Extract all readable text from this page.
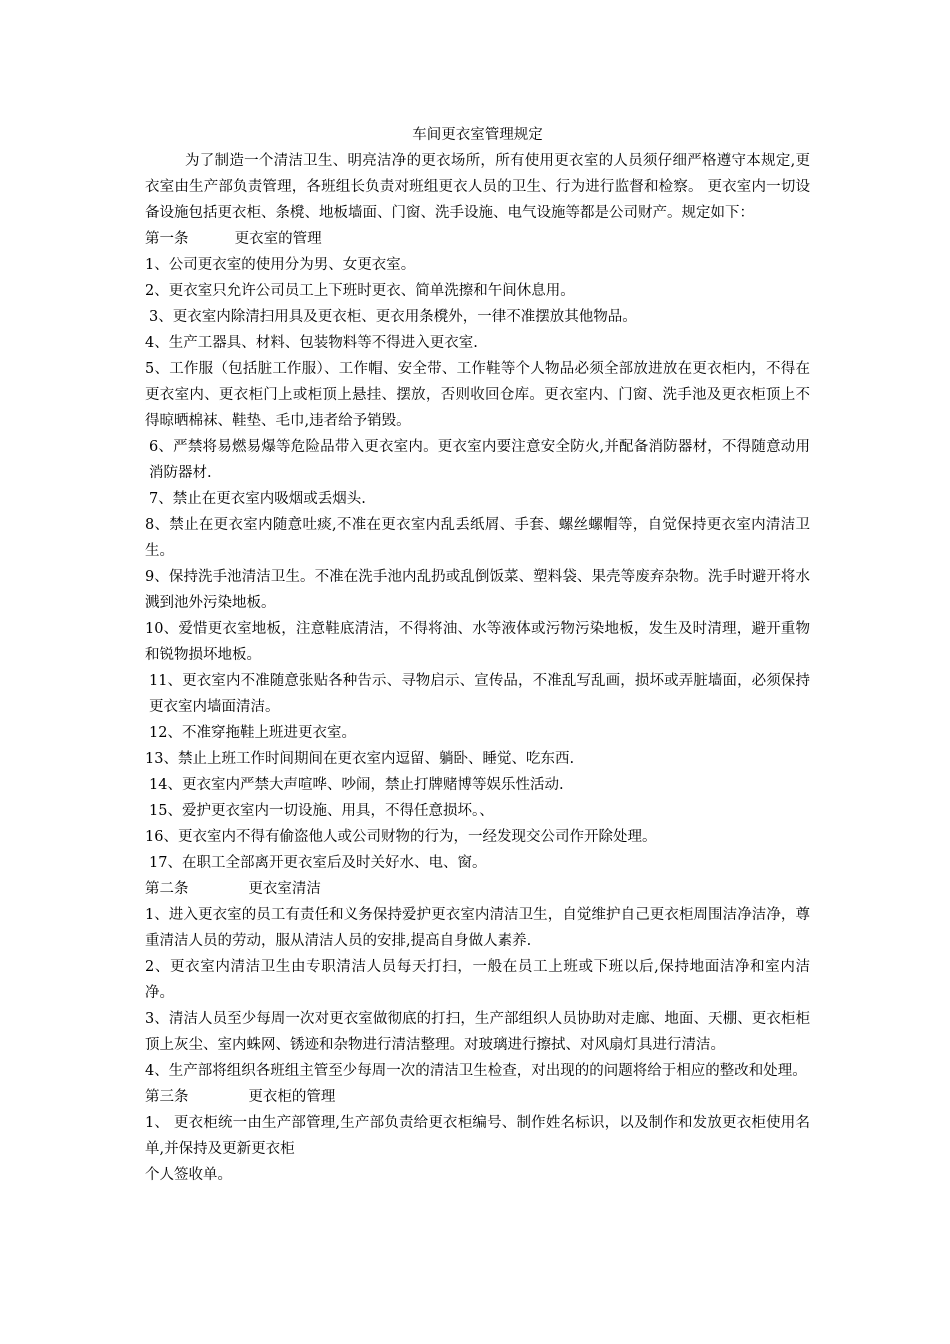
车间更衣室管理规定

为了制造一个清洁卫生、明亮洁净的更衣场所，所有使用更衣室的人员须仔细严格遵守本规定,更衣室由生产部负责管理，各班组长负责对班组更衣人员的卫生、行为进行监督和检察。 更衣室内一切设备设施包括更衣柜、条櫈、地板墙面、门窗、洗手设施、电气设施等都是公司财产。规定如下：

第一条          更衣室的管理

1、公司更衣室的使用分为男、女更衣室。

2、更衣室只允许公司员工上下班时更衣、简单洗擦和午间休息用。

3、更衣室内除清扫用具及更衣柜、更衣用条櫈外，一律不准摆放其他物品。

4、生产工器具、材料、包装物料等不得进入更衣室.

5、工作服（包括脏工作服）、工作帽、安全带、工作鞋等个人物品必须全部放进放在更衣柜内，不得在更衣室内、更衣柜门上或柜顶上悬挂、摆放，否则收回仓库。更衣室内、门窗、洗手池及更衣柜顶上不得晾晒棉袜、鞋垫、毛巾,违者给予销毁。

6、严禁将易燃易爆等危险品带入更衣室内。更衣室内要注意安全防火,并配备消防器材，不得随意动用消防器材.

7、禁止在更衣室内吸烟或丢烟头.

8、禁止在更衣室内随意吐痰,不准在更衣室内乱丢纸屑、手套、螺丝螺帽等，自觉保持更衣室内清洁卫生。

9、保持洗手池清洁卫生。不准在洗手池内乱扔或乱倒饭菜、塑料袋、果壳等废弃杂物。洗手时避开将水溅到池外污染地板。

10、爱惜更衣室地板，注意鞋底清洁，不得将油、水等液体或污物污染地板，发生及时清理，避开重物和锐物损坏地板。

11、更衣室内不准随意张贴各种告示、寻物启示、宣传品，不准乱写乱画，损坏或弄脏墙面，必须保持更衣室内墙面清洁。

12、不准穿拖鞋上班进更衣室。

13、禁止上班工作时间期间在更衣室内逗留、躺卧、睡觉、吃东西.

14、更衣室内严禁大声喧哗、吵闹，禁止打牌赌博等娱乐性活动.

15、爱护更衣室内一切设施、用具，不得任意损坏。、

16、更衣室内不得有偷盗他人或公司财物的行为，一经发现交公司作开除处理。

17、在职工全部离开更衣室后及时关好水、电、窗。

第二条             更衣室清洁

1、进入更衣室的员工有责任和义务保持爱护更衣室内清洁卫生，自觉维护自己更衣柜周围洁净洁净，尊重清洁人员的劳动，服从清洁人员的安排,提高自身做人素养.

2、更衣室内清洁卫生由专职清洁人员每天打扫，一般在员工上班或下班以后,保持地面洁净和室内洁净。

3、清洁人员至少每周一次对更衣室做彻底的打扫，生产部组织人员协助对走廊、地面、天棚、更衣柜柜顶上灰尘、室内蛛网、锈迹和杂物进行清洁整理。对玻璃进行擦拭、对风扇灯具进行清洁。

4、生产部将组织各班组主管至少每周一次的清洁卫生检查，对出现的的问题将给于相应的整改和处理。

第三条             更衣柜的管理

1、 更衣柜统一由生产部管理,生产部负责给更衣柜编号、制作姓名标识，以及制作和发放更衣柜使用名单,并保持及更新更衣柜

个人签收单。
